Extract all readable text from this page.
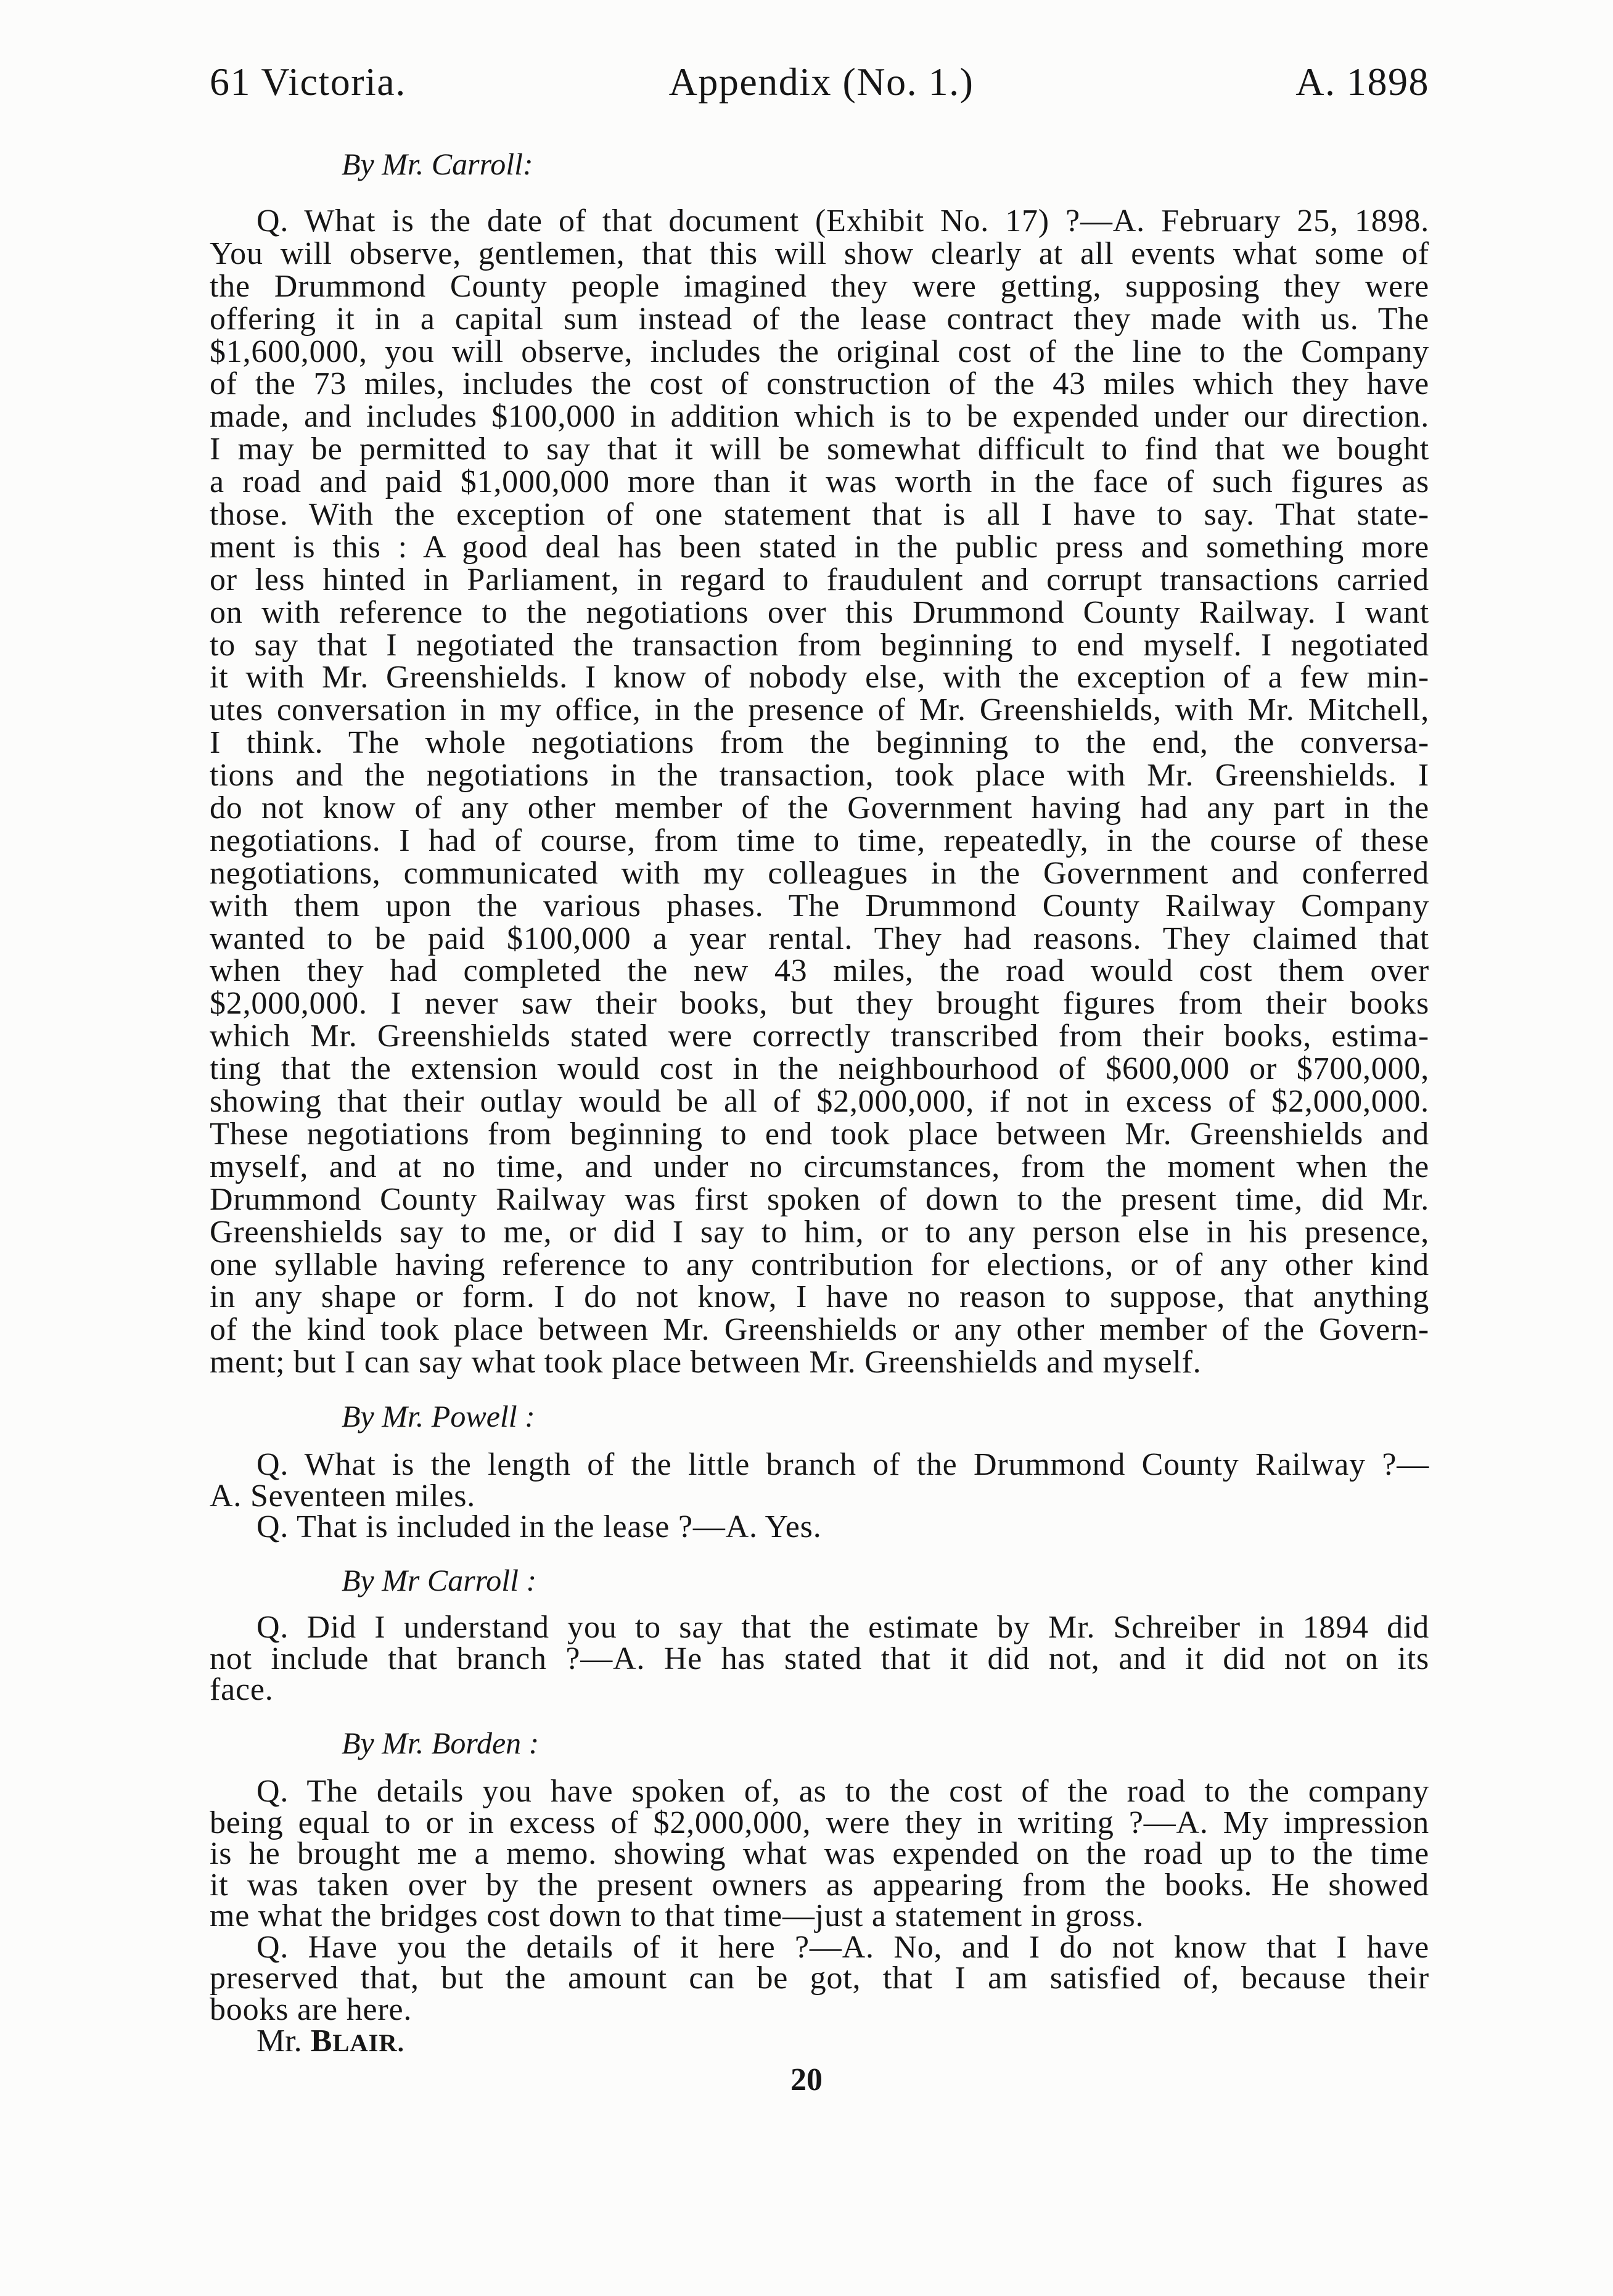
61 Victoria.	Appendix (No. 1.)	A. 1898
By Mr. Carroll:
Q. What is the date of that document (Exhibit No. 17) ?—A. February 25, 1898.
You will observe, gentlemen, that this will show clearly at all events what some of
the Drummond County people imagined they were getting, supposing they were
offering it in a capital sum instead of the lease contract they made with us. The
$1,600,000, you will observe, includes the original cost of the line to the Company
of the 73 miles, includes the cost of construction of the 43 miles which they have
made, and includes $100,000 in addition which is to be expended under our direction.
I may be permitted to say that it will be somewhat difficult to find that we bought
a road and paid $1,000,000 more than it was worth in the face of such figures as
those. With the exception of one statement that is all I have to say. That state-
ment is this : A good deal has been stated in the public press and something more
or less hinted in Parliament, in regard to fraudulent and corrupt transactions carried
on with reference to the negotiations over this Drummond County Railway. I want
to say that I negotiated the transaction from beginning to end myself. I negotiated
it with Mr. Greenshields. I know of nobody else, with the exception of a few min-
utes conversation in my office, in the presence of Mr. Greenshields, with Mr. Mitchell,
I think. The whole negotiations from the beginning to the end, the conversa-
tions and the negotiations in the transaction, took place with Mr. Greenshields. I
do not know of any other member of the Government having had any part in the
negotiations. I had of course, from time to time, repeatedly, in the course of these
negotiations, communicated with my colleagues in the Government and conferred
with them upon the various phases. The Drummond County Railway Company
wanted to be paid $100,000 a year rental. They had reasons. They claimed that
when they had completed the new 43 miles, the road would cost them over
$2,000,000. I never saw their books, but they brought figures from their books
which Mr. Greenshields stated were correctly transcribed from their books, estima-
ting that the extension would cost in the neighbourhood of $600,000 or $700,000,
showing that their outlay would be all of $2,000,000, if not in excess of $2,000,000.
These negotiations from beginning to end took place between Mr. Greenshields and
myself, and at no time, and under no circumstances, from the moment when the
Drummond County Railway was first spoken of down to the present time, did Mr.
Greenshields say to me, or did I say to him, or to any person else in his presence,
one syllable having reference to any contribution for elections, or of any other kind
in any shape or form. I do not know, I have no reason to suppose, that anything
of the kind took place between Mr. Greenshields or any other member of the Govern-
ment; but I can say what took place between Mr. Greenshields and myself.
By Mr. Powell :
Q. What is the length of the little branch of the Drummond County Railway ?—
A. Seventeen miles.
Q. That is included in the lease ?—A. Yes.
By Mr Carroll :
Q. Did I understand you to say that the estimate by Mr. Schreiber in 1894 did
not include that branch ?—A. He has stated that it did not, and it did not on its
face.
By Mr. Borden :
Q. The details you have spoken of, as to the cost of the road to the company
being equal to or in excess of $2,000,000, were they in writing ?—A. My impression
is he brought me a memo. showing what was expended on the road up to the time
it was taken over by the present owners as appearing from the books. He showed
me what the bridges cost down to that time—just a statement in gross.
Q. Have you the details of it here ?—A. No, and I do not know that I have
preserved that, but the amount can be got, that I am satisfied of, because their
books are here.
Mr. BLAIR.
20
